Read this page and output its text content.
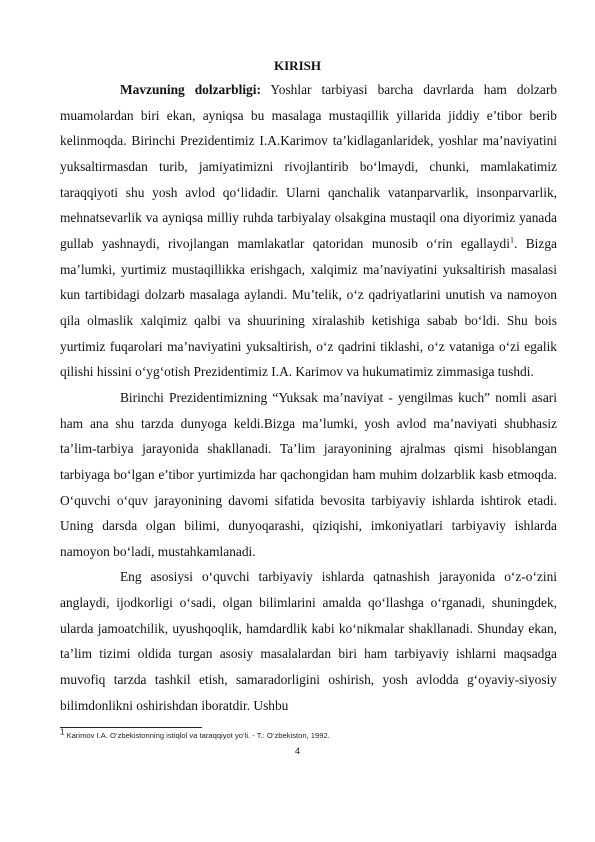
KIRISH

Mavzuning dolzarbligi: Yoshlar tarbiyasi barcha davrlarda ham dolzarb muamolardan biri ekan, ayniqsa bu masalaga mustaqillik yillarida jiddiy e’tibor berib kelinmoqda. Birinchi Prezidentimiz I.A.Karimov ta’kidlaganlaridek, yoshlar ma’naviyatini yuksaltirmasdan turib, jamiyatimizni rivojlantirib bo‘lmaydi, chunki, mamlakatimiz taraqqiyoti shu yosh avlod qo‘lidadir. Ularni qanchalik vatanparvarlik, insonparvarlik, mehnatsevarlik va ayniqsa milliy ruhda tarbiyalay olsakgina mustaqil ona diyorimiz yanada gullab yashnaydi, rivojlangan mamlakatlar qatoridan munosib o‘rin egallaydi$^1$. Bizga ma’lumki, yurtimiz mustaqillikka erishgach, xalqimiz ma’naviyatini yuksaltirish masalasi kun tartibidagi dolzarb masalaga aylandi. Mu’telik, o‘z qadriyatlarini unutish va namoyon qila olmaslik xalqimiz qalbi va shuurining xiralashib ketishiga sabab bo‘ldi. Shu bois yurtimiz fuqarolari ma’naviyatini yuksaltirish, o‘z qadrini tiklashi, o‘z vataniga o‘zi egalik qilishi hissini o‘yg‘otish Prezidentimiz I.A. Karimov va hukumatimiz zimmasiga tushdi.

Birinchi Prezidentimizning “Yuksak ma’naviyat - yengilmas kuch” nomli asari ham ana shu tarzda dunyoga keldi.Bizga ma’lumki, yosh avlod ma’naviyati shubhasiz ta’lim-tarbiya jarayonida shakllanadi. Ta’lim jarayonining ajralmas qismi hisoblangan tarbiyaga bo‘lgan e’tibor yurtimizda har qachongidan ham muhim dolzarblik kasb etmoqda. O‘quvchi o‘quv jarayonining davomi sifatida bevosita tarbiyaviy ishlarda ishtirok etadi. Uning darsda olgan bilimi, dunyoqarashi, qiziqishi, imkoniyatlari tarbiyaviy ishlarda namoyon bo‘ladi, mustahkamlanadi.

Eng asosiysi o‘quvchi tarbiyaviy ishlarda qatnashish jarayonida o‘z-o‘zini anglaydi, ijodkorligi o‘sadi, olgan bilimlarini amalda qo‘llashga o‘rganadi, shuningdek, ularda jamoatchilik, uyushqoqlik, hamdardlik kabi ko‘nikmalar shakllanadi. Shunday ekan, ta’lim tizimi oldida turgan asosiy masalalardan biri ham tarbiyaviy ishlarni maqsadga muvofiq tarzda tashkil etish, samaradorligini oshirish, yosh avlodda g‘oyaviy-siyosiy bilimdonlikni oshirishdan iboratdir. Ushbu

$^1$ Karimov I.A. O‘zbekistonning istiqlol va taraqqiyot yo‘li. - T.: O‘zbekiston, 1992.
4
